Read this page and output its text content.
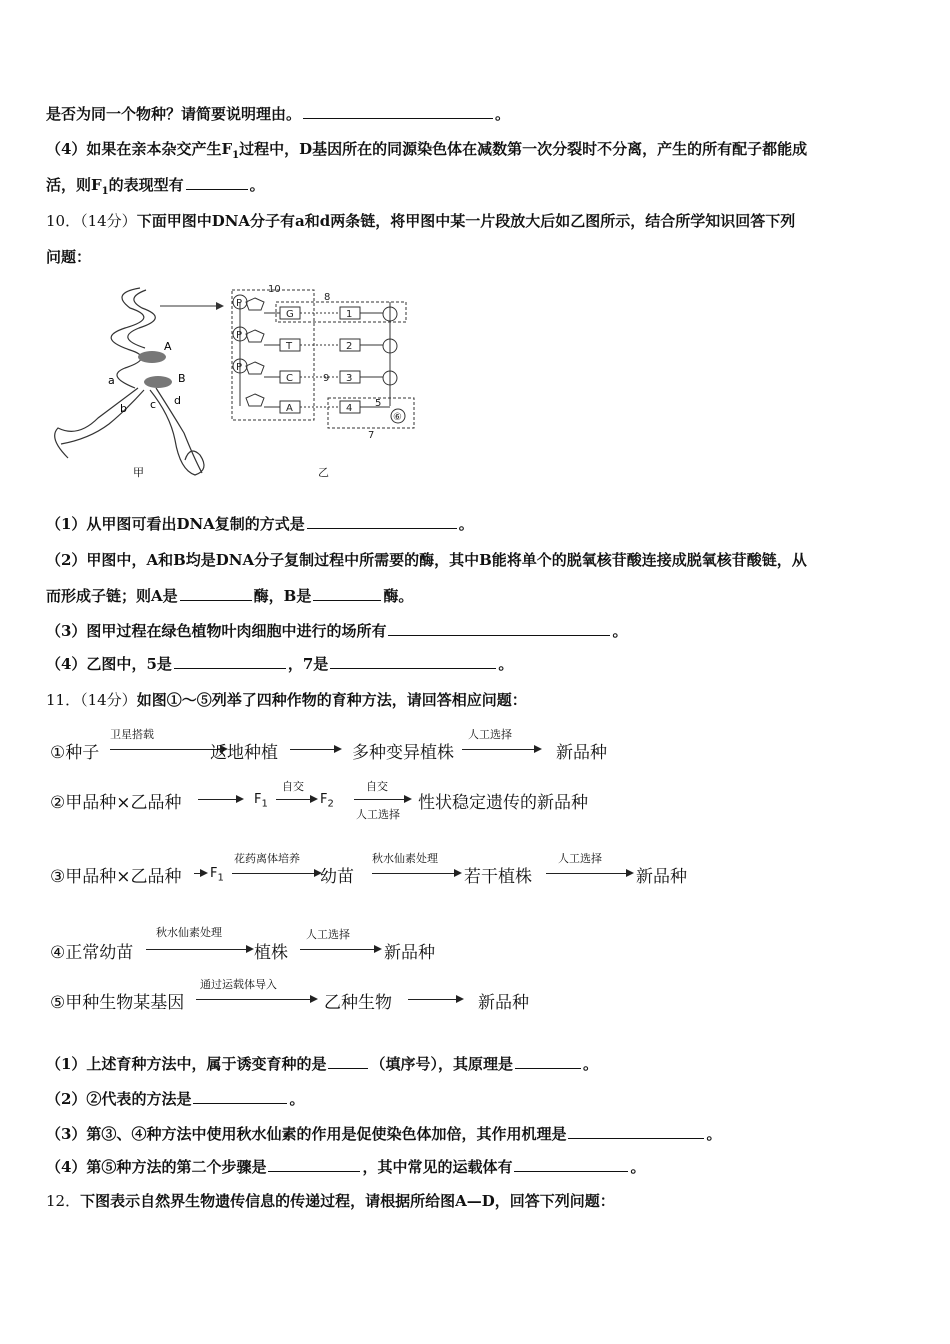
是否为同一个物种？请简要说明理由。	。
（4）如果在亲本杂交产生$F_1$过程中，D基因所在的同源染色体在减数第一次分裂时不分离，产生的所有配子都能成
活，则$F_1$的表现型有	。
10．（14分）下面甲图中DNA分子有a和d两条链，将甲图中某一片段放大后如乙图所示，结合所学知识回答下列
问题：
A
B
a
b c d
甲
P
P
P
G
T
C
A
1
2
3
4
10
8
9
5
⑥
7
乙
（1）从甲图可看出DNA复制的方式是	。
（2）甲图中，A和B均是DNA分子复制过程中所需要的酶，其中B能将单个的脱氧核苷酸连接成脱氧核苷酸链，从
而形成子链；则A是	酶，B是	酶。
（3）图甲过程在绿色植物叶肉细胞中进行的场所有	。
（4）乙图中，5是	，7是	。
11．（14分）如图①～⑤列举了四种作物的育种方法，请回答相应问题：
①种子
卫星搭载
返地种植	多种变异植株
人工选择
新品种
②甲品种×乙品种	$F_1$
自交
$F_2$
自交
人工选择
性状稳定遗传的新品种
③甲品种×乙品种 $F_1$
花药离体培养
幼苗
秋水仙素处理
若干植株
人工选择
新品种
④正常幼苗
秋水仙素处理
植株
人工选择
新品种
⑤甲种生物某基因
通过运载体导入
乙种生物	新品种
（1）上述育种方法中，属于诱变育种的是	（填序号），其原理是	。
（2）②代表的方法是	。
（3）第③、④种方法中使用秋水仙素的作用是促使染色体加倍，其作用机理是	。
（4）第⑤种方法的第二个步骤是	，其中常见的运载体有	。
12．下图表示自然界生物遗传信息的传递过程，请根据所给图A—D，回答下列问题：
